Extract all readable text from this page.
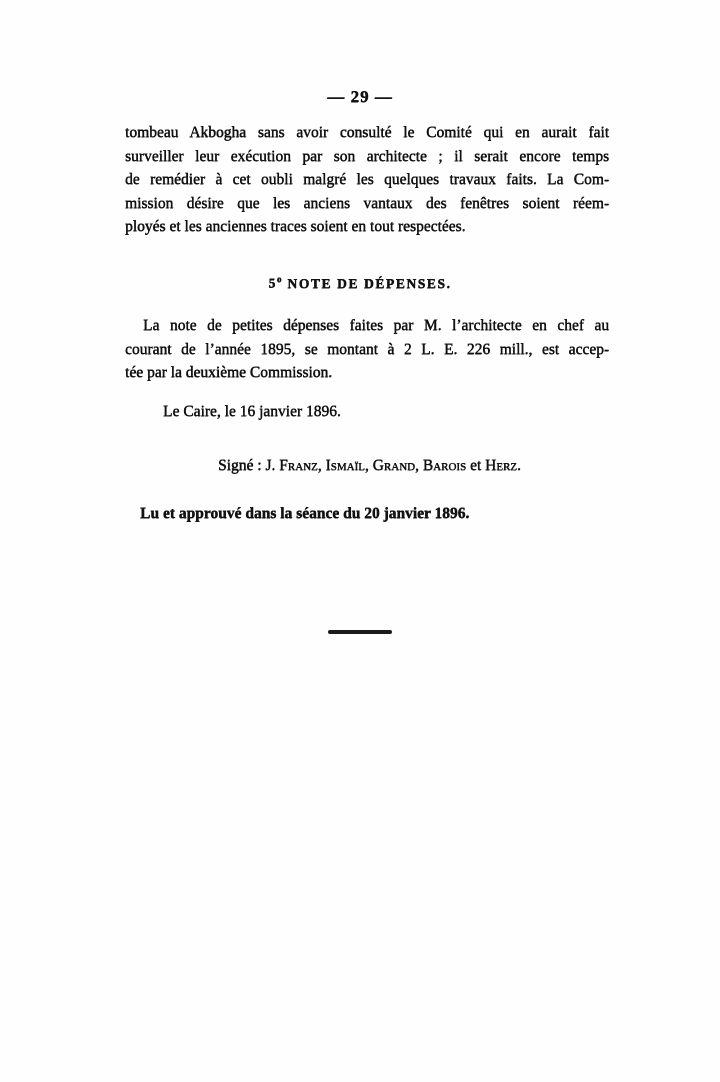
— 29 —
tombeau Akbogha sans avoir consulté le Comité qui en aurait fait
surveiller leur exécution par son architecte ; il serait encore temps
de remédier à cet oubli malgré les quelques travaux faits. La Com-
mission désire que les anciens vantaux des fenêtres soient réem-
ployés et les anciennes traces soient en tout respectées.
5$^o$ NOTE DE DÉPENSES.
La note de petites dépenses faites par M. l’architecte en chef au
courant de l’année 1895, se montant à 2 L. E. 226 mill., est accep-
tée par la deuxième Commission.
Le Caire, le 16 janvier 1896.
Signé : J. Franz, Ismaïl, Grand, Barois et Herz.
Lu et approuvé dans la séance du 20 janvier 1896.
